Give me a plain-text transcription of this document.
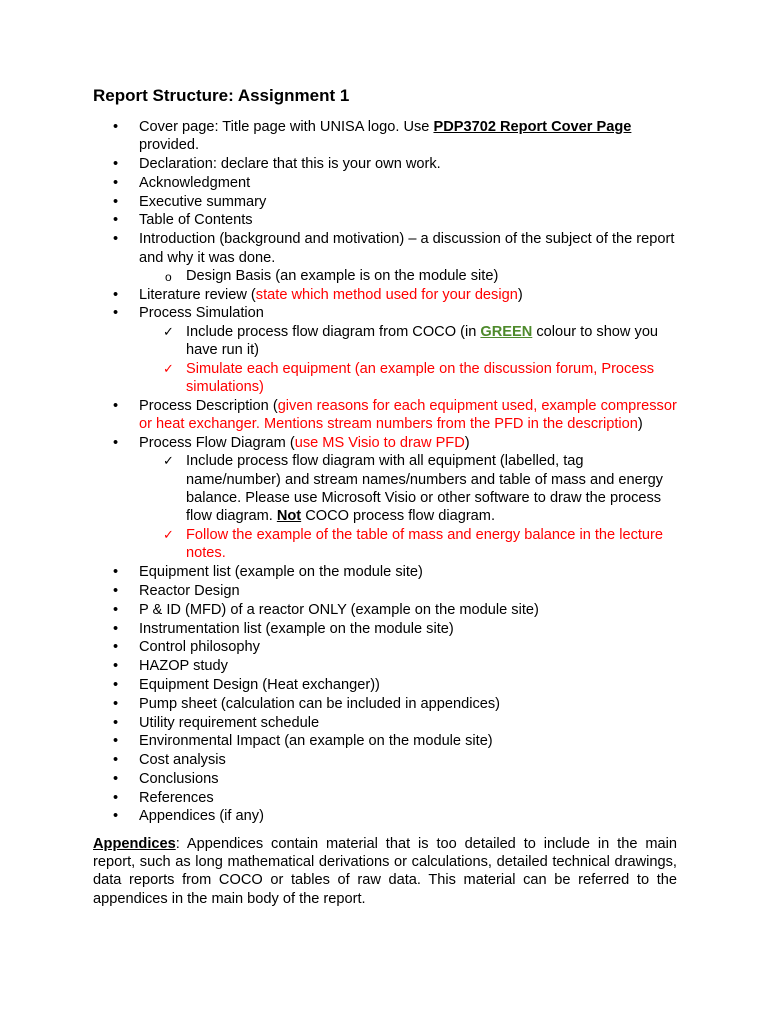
Report Structure: Assignment 1
• Cover page: Title page with UNISA logo. Use PDP3702 Report Cover Page provided.
• Declaration: declare that this is your own work.
• Acknowledgment
• Executive summary
• Table of Contents
• Introduction (background and motivation) – a discussion of the subject of the report and why it was done.
o Design Basis (an example is on the module site)
• Literature review (state which method used for your design)
• Process Simulation
✓ Include process flow diagram from COCO (in GREEN colour to show you have run it)
✓ Simulate each equipment (an example on the discussion forum, Process simulations)
• Process Description (given reasons for each equipment used, example compressor or heat exchanger. Mentions stream numbers from the PFD in the description)
• Process Flow Diagram (use MS Visio to draw PFD)
✓ Include process flow diagram with all equipment (labelled, tag name/number) and stream names/numbers and table of mass and energy balance. Please use Microsoft Visio or other software to draw the process flow diagram. Not COCO process flow diagram.
✓ Follow the example of the table of mass and energy balance in the lecture notes.
• Equipment list (example on the module site)
• Reactor Design
• P & ID (MFD) of a reactor ONLY (example on the module site)
• Instrumentation list (example on the module site)
• Control philosophy
• HAZOP study
• Equipment Design (Heat exchanger))
• Pump sheet (calculation can be included in appendices)
• Utility requirement schedule
• Environmental Impact (an example on the module site)
• Cost analysis
• Conclusions
• References
• Appendices (if any)

Appendices: Appendices contain material that is too detailed to include in the main report, such as long mathematical derivations or calculations, detailed technical drawings, data reports from COCO or tables of raw data. This material can be referred to the appendices in the main body of the report.
